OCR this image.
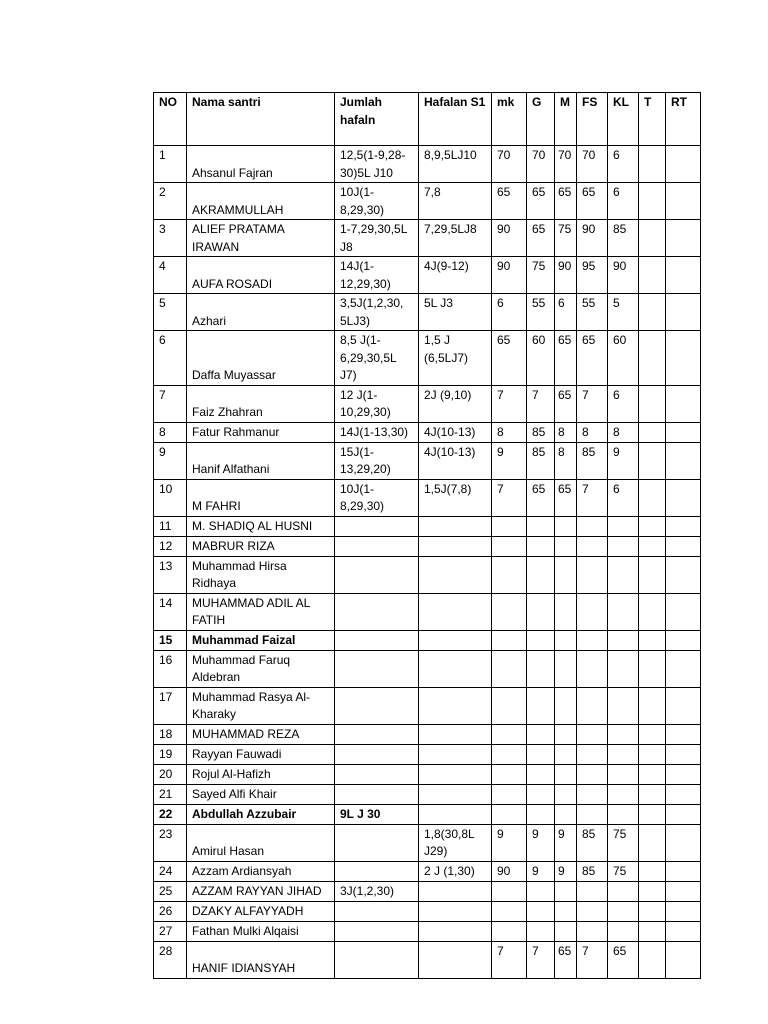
NO	Nama santri	Jumlah hafaln	Hafalan S1	mk	G	M	FS	KL	T	RT
1	Ahsanul Fajran	12,5(1-9,28-30)5L J10	8,9,5LJ10	70	70	70	70	6		
2	AKRAMMULLAH	10J(1-8,29,30)	7,8	65	65	65	65	6		
3	ALIEF PRATAMA IRAWAN	1-7,29,30,5L J8	7,29,5LJ8	90	65	75	90	85		
4	AUFA ROSADI	14J(1-12,29,30)	4J(9-12)	90	75	90	95	90		
5	Azhari	3,5J(1,2,30, 5LJ3)	5L J3	6	55	6	55	5		
6	Daffa Muyassar	8,5 J(1-6,29,30,5L J7)	1,5 J (6,5LJ7)	65	60	65	65	60		
7	Faiz Zhahran	12 J(1-10,29,30)	2J (9,10)	7	7	65	7	6		
8	Fatur Rahmanur	14J(1-13,30)	4J(10-13)	8	85	8	8	8		
9	Hanif Alfathani	15J(1-13,29,20)	4J(10-13)	9	85	8	85	9		
10	M FAHRI	10J(1-8,29,30)	1,5J(7,8)	7	65	65	7	6		
11	M. SHADIQ AL HUSNI									
12	MABRUR RIZA									
13	Muhammad Hirsa Ridhaya									
14	MUHAMMAD ADIL AL FATIH									
15	Muhammad Faizal									
16	Muhammad Faruq Aldebran									
17	Muhammad Rasya Al-Kharaky									
18	MUHAMMAD REZA									
19	Rayyan Fauwadi									
20	Rojul Al-Hafizh									
21	Sayed Alfi Khair									
22	Abdullah Azzubair	9L J 30								
23	Amirul Hasan		1,8(30,8L J29)	9	9	9	85	75		
24	Azzam Ardiansyah		2 J (1,30)	90	9	9	85	75		
25	AZZAM RAYYAN JIHAD	3J(1,2,30)								
26	DZAKY ALFAYYADH									
27	Fathan Mulki Alqaisi									
28	HANIF IDIANSYAH			7	7	65	7	65		
